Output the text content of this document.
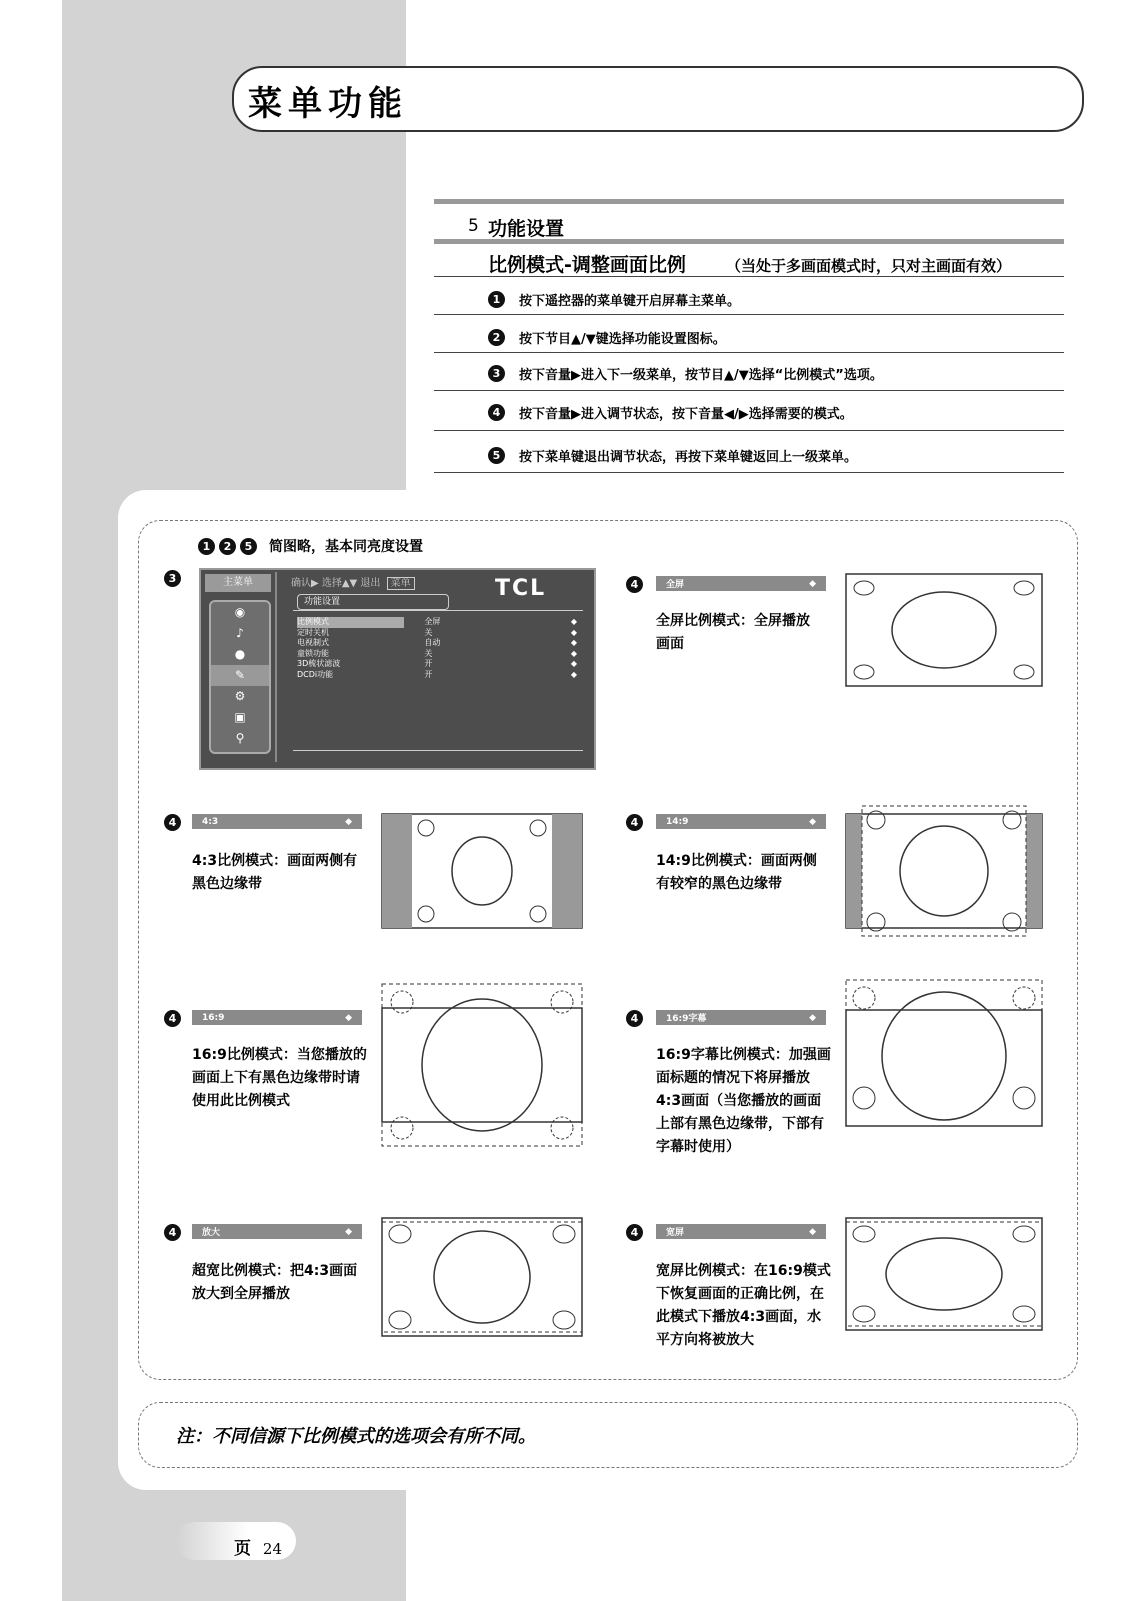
菜单功能
5 功能设置
比例模式-调整画面比例	（当处于多画面模式时，只对主画面有效）
1	按下遥控器的菜单键开启屏幕主菜单。
2	按下节目▲/▼键选择功能设置图标。
3	按下音量▶进入下一级菜单，按节目▲/▼选择“比例模式”选项。
4	按下音量▶进入调节状态，按下音量◀/▶选择需要的模式。
5	按下菜单键退出调节状态，再按下菜单键返回上一级菜单。
1	2	5	简图略，基本同亮度设置
3	主菜单
◉
♪
●
✎
⚙
▣
⚲
确认▶ 选择▲▼ 退出 菜单	TCL
功能设置
比例模式	全屏	◆
定时关机	关	◆
电视制式	自动	◆
童锁功能	关	◆
3D梳状滤波	开	◆
DCDi功能	开	◆
4	全屏	◆
全屏比例模式：全屏播放画面
4	4:3	◆
4:3比例模式：画面两侧有黑色边缘带
4	14:9	◆
14:9比例模式：画面两侧有较窄的黑色边缘带
4	16:9	◆
16:9比例模式：当您播放的画面上下有黑色边缘带时请使用此比例模式
4	16:9字幕	◆
16:9字幕比例模式：加强画面标题的情况下将屏播放4:3画面（当您播放的画面上部有黑色边缘带，下部有字幕时使用）
4	放大	◆
超宽比例模式：把4:3画面放大到全屏播放
4	宽屏	◆
宽屏比例模式：在16:9模式下恢复画面的正确比例，在此模式下播放4:3画面，水平方向将被放大
注：不同信源下比例模式的选项会有所不同。
页 24
